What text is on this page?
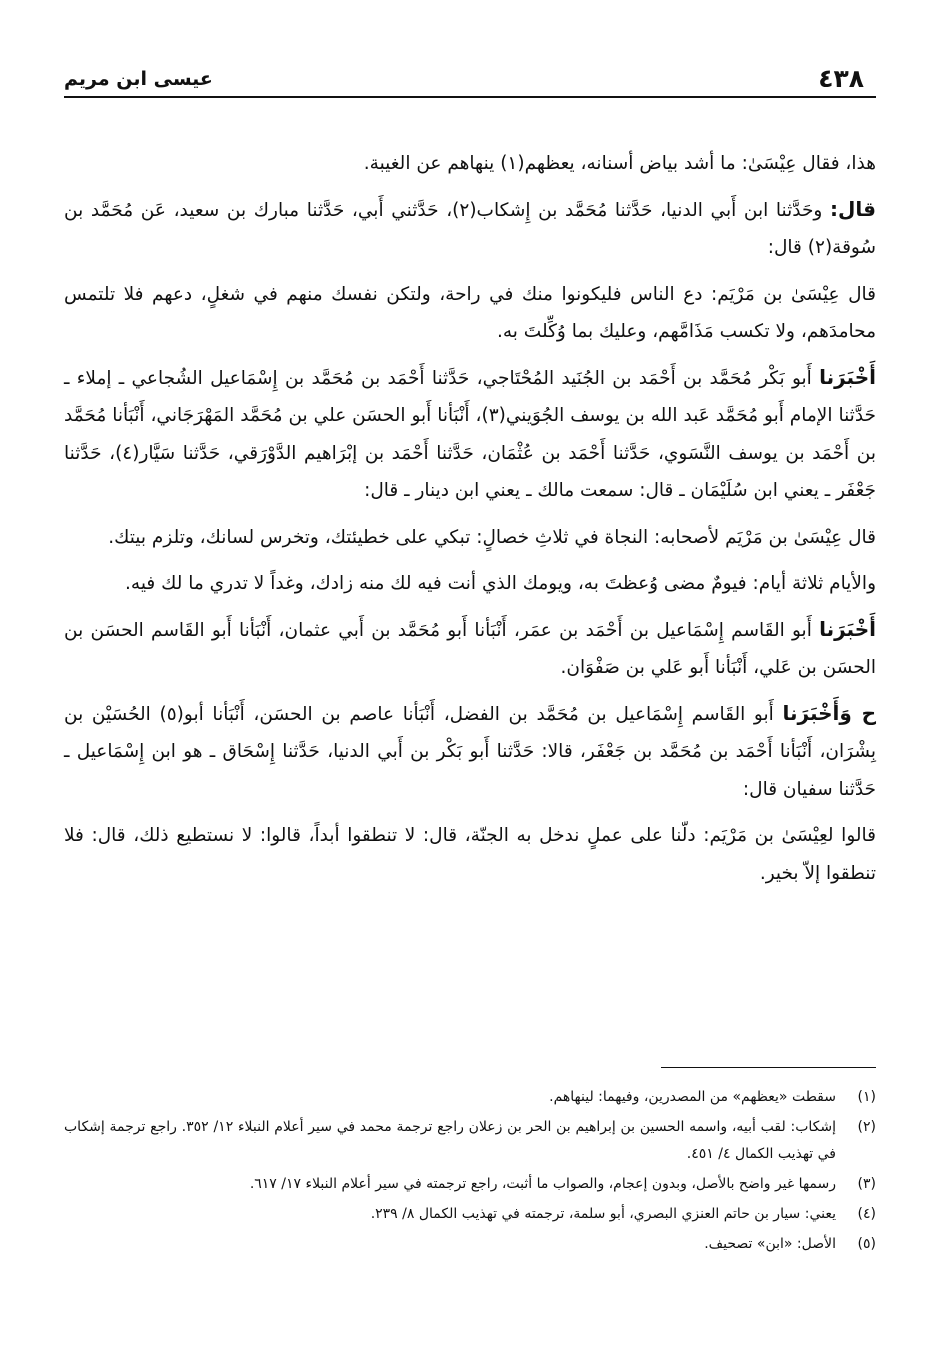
٤٣٨
عيسى ابن مريم

هذا، فقال عِيْسَىٰ: ما أشد بياض أسنانه، يعظهم(١) ينهاهم عن الغيبة.

قال: وحَدَّثنا ابن أَبي الدنيا، حَدَّثنا مُحَمَّد بن إِشكاب(٢)، حَدَّثني أَبي، حَدَّثنا مبارك بن سعيد، عَن مُحَمَّد بن سُوقة(٢) قال:

قال عِيْسَىٰ بن مَرْيَم: دع الناس فليكونوا منك في راحة، ولتكن نفسك منهم في شغلٍ، دعهم فلا تلتمس محامدَهم، ولا تكسب مَذَامَّهم، وعليك بما وُكِّلتَ به.

أَخْبَرَنا أَبو بَكْر مُحَمَّد بن أَحْمَد بن الجُنَيد المُحْتَاجي، حَدَّثنا أَحْمَد بن مُحَمَّد بن إِسْمَاعيل الشُجاعي ـ إملاء ـ حَدَّثنا الإمام أَبو مُحَمَّد عَبد الله بن يوسف الجُوَيني(٣)، أَنْبَأنا أَبو الحسَن علي بن مُحَمَّد المَهْرَجَاني، أَنْبَأنا مُحَمَّد بن أَحْمَد بن يوسف النَّسَوي، حَدَّثنا أَحْمَد بن عُثْمَان، حَدَّثنا أَحْمَد بن إبْرَاهيم الدَّوْرَقي، حَدَّثنا سَيَّار(٤)، حَدَّثنا جَعْفَر ـ يعني ابن سُلَيْمَان ـ قال: سمعت مالك ـ يعني ابن دينار ـ قال:

قال عِيْسَىٰ بن مَرْيَم لأصحابه: النجاة في ثلاثِ خصالٍ: تبكي على خطيئتك، وتخرس لسانك، وتلزم بيتك.

والأيام ثلاثة أيام: فيومٌ مضى وُعظتَ به، ويومك الذي أنت فيه لك منه زادك، وغداً لا تدري ما لك فيه.

أَخْبَرَنا أَبو القَاسم إِسْمَاعيل بن أَحْمَد بن عمَر، أَنْبَأنا أَبو مُحَمَّد بن أَبي عثمان، أَنْبَأنا أَبو القَاسم الحسَن بن الحسَن بن عَلي، أَنْبَأنا أَبو عَلي بن صَفْوَان.

ح وَأَخْبَرَنا أَبو القَاسم إِسْمَاعيل بن مُحَمَّد بن الفضل، أَنْبَأنا عاصم بن الحسَن، أَنْبَأنا أبو(٥) الحُسَيْن بن بِشْرَان، أَنْبَأنا أَحْمَد بن مُحَمَّد بن جَعْفَر، قالا: حَدَّثنا أَبو بَكْر بن أَبي الدنيا، حَدَّثنا إِسْحَاق ـ هو ابن إِسْمَاعيل ـ حَدَّثنا سفيان قال:

قالوا لعِيْسَىٰ بن مَرْيَم: دلّنا على عملٍ ندخل به الجنّة، قال: لا تنطقوا أبداً، قالوا: لا نستطيع ذلك، قال: فلا تنطقوا إلاّ بخير.

(١)
سقطت «يعظهم» من المصدرين، وفيهما: لينهاهم.
(٢)
إشكاب: لقب أبيه، واسمه الحسين بن إبراهيم بن الحر بن زعلان راجع ترجمة محمد في سير أعلام النبلاء ١٢/ ٣٥٢. راجع ترجمة إشكاب في تهذيب الكمال ٤/ ٤٥١.
(٣)
رسمها غير واضح بالأصل، وبدون إعجام، والصواب ما أثبت، راجع ترجمته في سير أعلام النبلاء ١٧/ ٦١٧.
(٤)
يعني: سيار بن حاتم العنزي البصري، أبو سلمة، ترجمته في تهذيب الكمال ٨/ ٢٣٩.
(٥)
الأصل: «ابن» تصحيف.
